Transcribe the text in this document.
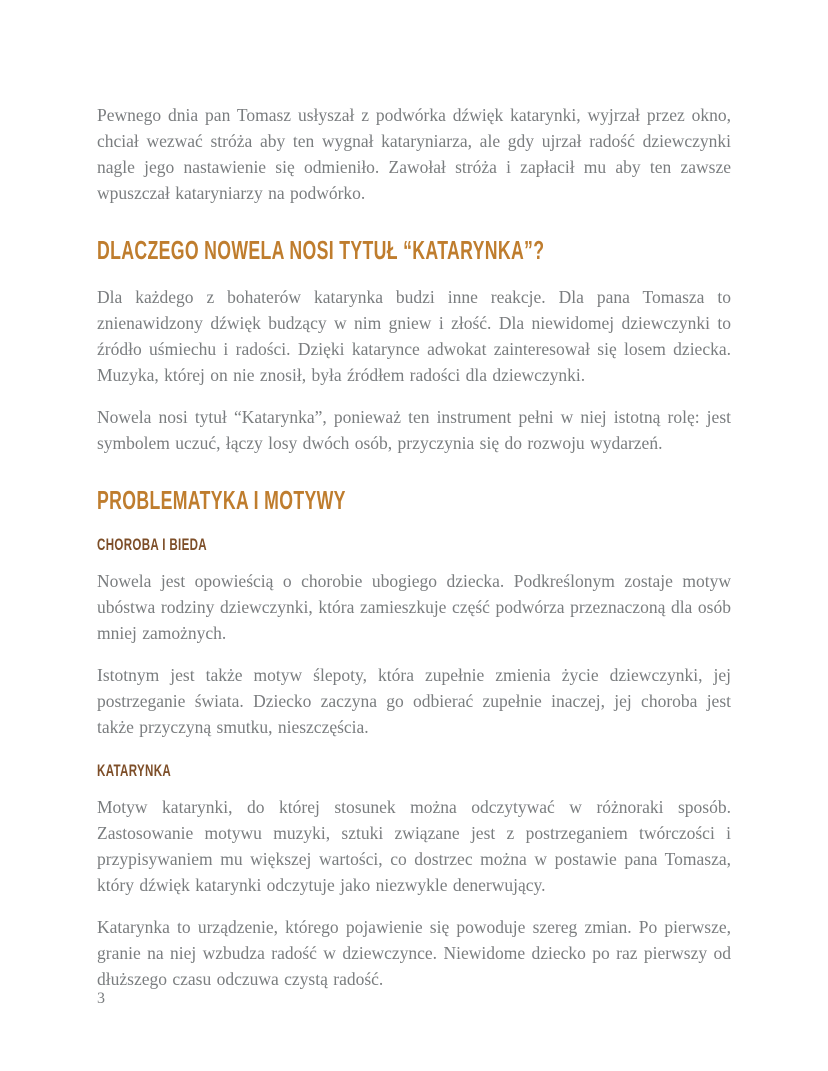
Pewnego dnia pan Tomasz usłyszał z podwórka dźwięk katarynki, wyjrzał przez okno, chciał wezwać stróża aby ten wygnał kataryniarza, ale gdy ujrzał radość dziewczynki nagle jego nastawienie się odmieniło. Zawołał stróża i zapłacił mu aby ten zawsze wpuszczał kataryniarzy na podwórko.

DLACZEGO NOWELA NOSI TYTUŁ “KATARYNKA”?

Dla każdego z bohaterów katarynka budzi inne reakcje. Dla pana Tomasza to znienawidzony dźwięk budzący w nim gniew i złość. Dla niewidomej dziewczynki to źródło uśmiechu i radości. Dzięki katarynce adwokat zainteresował się losem dziecka. Muzyka, której on nie znosił, była źródłem radości dla dziewczynki.

Nowela nosi tytuł “Katarynka”, ponieważ ten instrument pełni w niej istotną rolę: jest symbolem uczuć, łączy losy dwóch osób, przyczynia się do rozwoju wydarzeń.

PROBLEMATYKA I MOTYWY
CHOROBA I BIEDA

Nowela jest opowieścią o chorobie ubogiego dziecka. Podkreślonym zostaje motyw ubóstwa rodziny dziewczynki, która zamieszkuje część podwórza przeznaczoną dla osób mniej zamożnych.

Istotnym jest także motyw ślepoty, która zupełnie zmienia życie dziewczynki, jej postrzeganie świata. Dziecko zaczyna go odbierać zupełnie inaczej, jej choroba jest także przyczyną smutku, nieszczęścia.

KATARYNKA

Motyw katarynki, do której stosunek można odczytywać w różnoraki sposób. Zastosowanie motywu muzyki, sztuki związane jest z postrzeganiem twórczości i przypisywaniem mu większej wartości, co dostrzec można w postawie pana Tomasza, który dźwięk katarynki odczytuje jako niezwykle denerwujący.

Katarynka to urządzenie, którego pojawienie się powoduje szereg zmian. Po pierwsze, granie na niej wzbudza radość w dziewczynce. Niewidome dziecko po raz pierwszy od dłuższego czasu odczuwa czystą radość.

3
